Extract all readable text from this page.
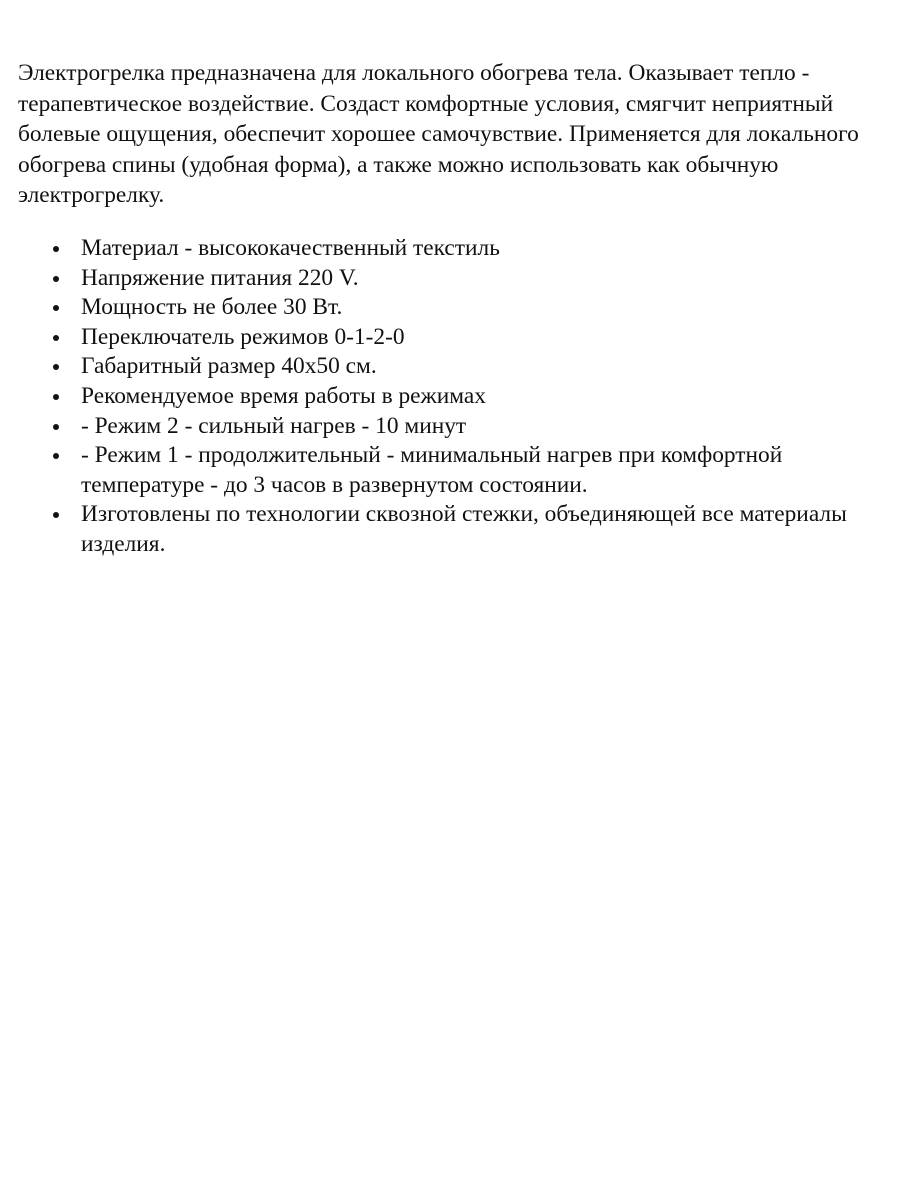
Электрогрелка предназначена для локального обогрева тела. Оказывает тепло - терапевтическое воздействие. Создаст комфортные условия, смягчит неприятный болевые ощущения, обеспечит хорошее самочувствие. Применяется для локального обогрева спины (удобная форма), а также можно использовать как обычную электрогрелку.

Материал - высококачественный текстиль
Напряжение питания 220 V.
Мощность не более 30 Вт.
Переключатель режимов 0-1-2-0
Габаритный размер 40х50 см.
Рекомендуемое время работы в режимах
- Режим 2 - сильный нагрев - 10 минут
- Режим 1 - продолжительный - минимальный нагрев при комфортной температуре - до 3 часов в развернутом состоянии.
Изготовлены по технологии сквозной стежки, объединяющей все материалы изделия.
